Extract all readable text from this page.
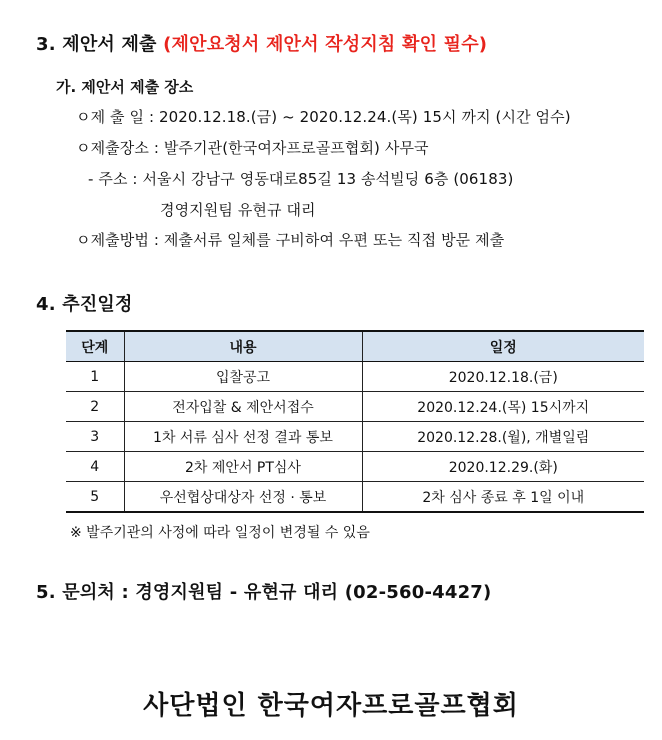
3. 제안서 제출 (제안요청서 제안서 작성지침 확인 필수)
가. 제안서 제출 장소
ㅇ제 출 일 : 2020.12.18.(금) ~ 2020.12.24.(목) 15시 까지 (시간 엄수)
ㅇ제출장소 : 발주기관(한국여자프로골프협회) 사무국
- 주소 : 서울시 강남구 영동대로85길 13 송석빌딩 6층 (06183)
경영지원팀 유현규 대리
ㅇ제출방법 : 제출서류 일체를 구비하여 우편 또는 직접 방문 제출
4. 추진일정
단계	내용	일정
1	입찰공고	2020.12.18.(금)
2	전자입찰 & 제안서접수	2020.12.24.(목) 15시까지
3	1차 서류 심사 선정 결과 통보	2020.12.28.(월), 개별일림
4	2차 제안서 PT심사	2020.12.29.(화)
5	우선협상대상자 선정 · 통보	2차 심사 종료 후 1일 이내
※ 발주기관의 사정에 따라 일정이 변경될 수 있음
5. 문의처 : 경영지원팀 - 유현규 대리 (02-560-4427)
사단법인 한국여자프로골프협회
